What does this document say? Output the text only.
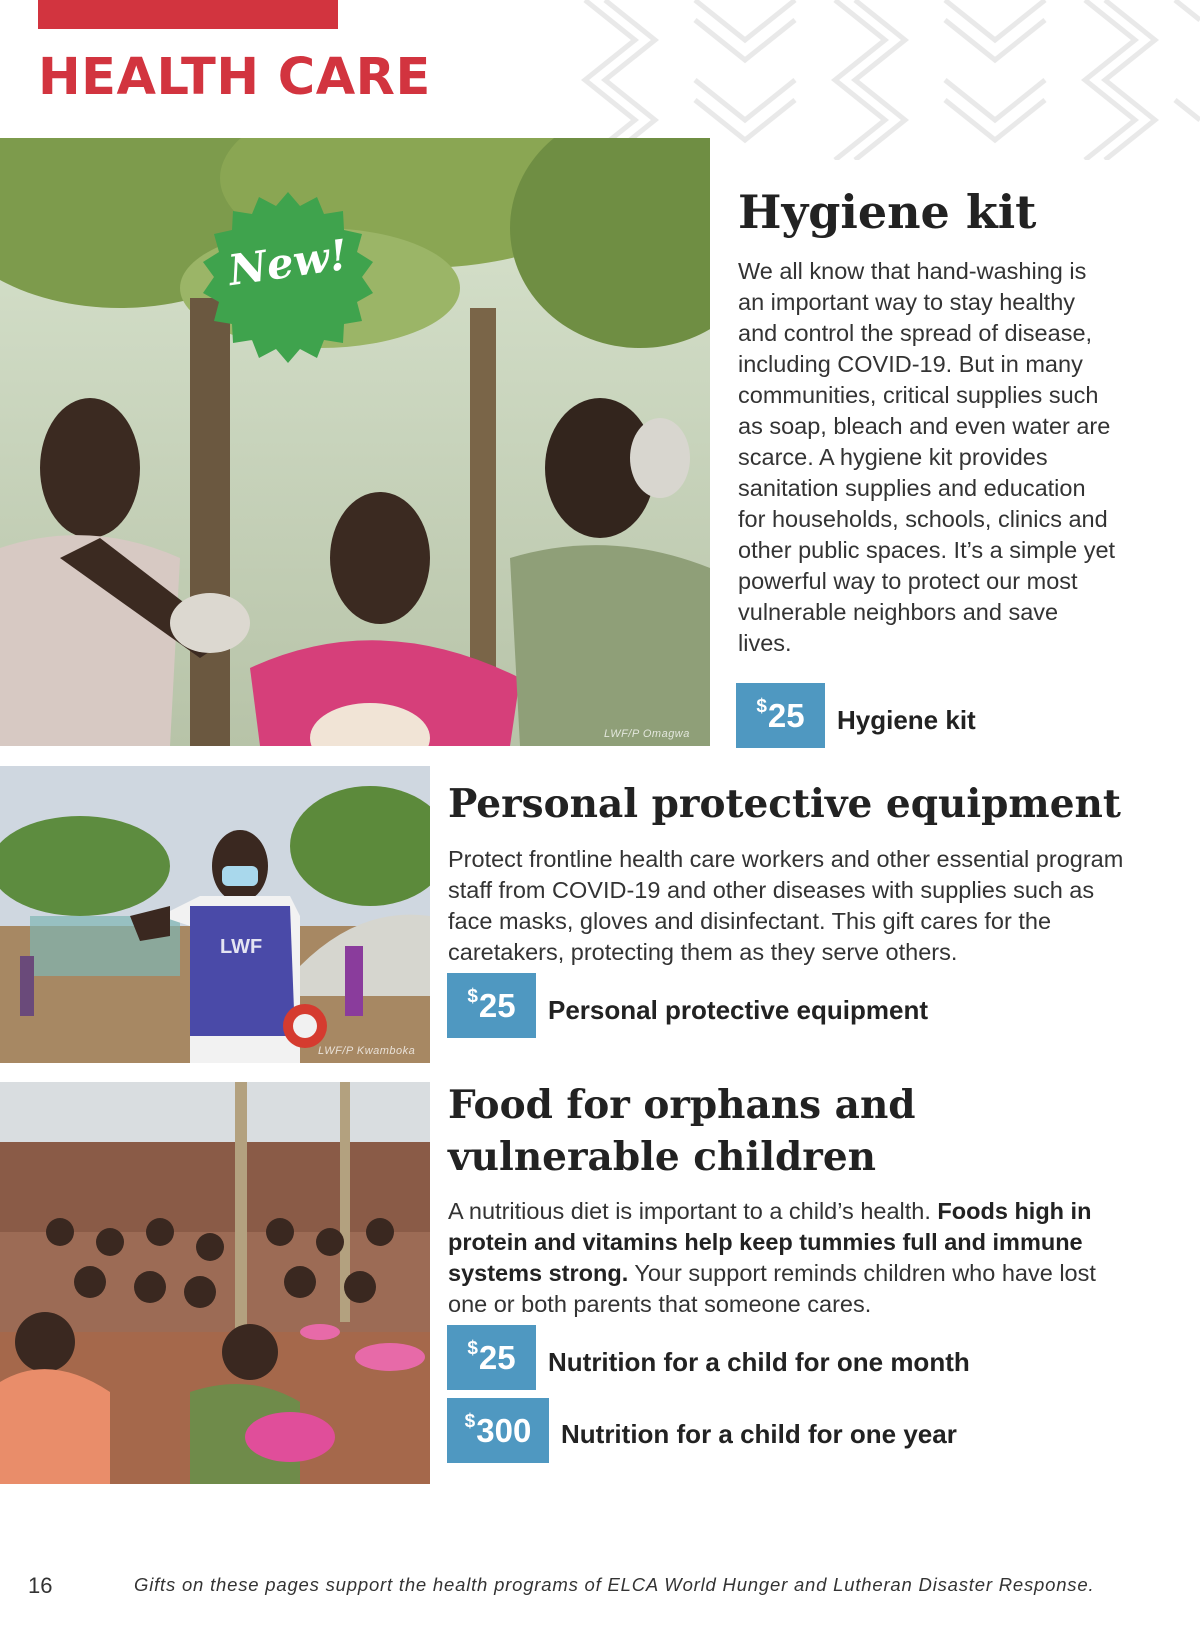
HEALTH CARE
LWF/P Omagwa
New!
Hygiene kit
We all know that hand-washing is an important way to stay healthy and control the spread of disease, including COVID-19. But in many communities, critical supplies such as soap, bleach and even water are scarce. A hygiene kit provides sanitation supplies and education for households, schools, clinics and other public spaces. It’s a simple yet powerful way to protect our most vulnerable neighbors and save lives.
$ 25 Hygiene kit
LWF
LWF/P Kwamboka
Personal protective equipment
Protect frontline health care workers and other essential program staff from COVID-19 and other diseases with supplies such as face masks, gloves and disinfectant. This gift cares for the caretakers, protecting them as they serve others.
$ 25 Personal protective equipment
Food for orphans and
vulnerable children
A nutritious diet is important to a child’s health. Foods high in protein and vitamins help keep tummies full and immune systems strong. Your support reminds children who have lost one or both parents that someone cares.
$ 25 Nutrition for a child for one month
$ 300 Nutrition for a child for one year
16	Gifts on these pages support the health programs of ELCA World Hunger and Lutheran Disaster Response.
